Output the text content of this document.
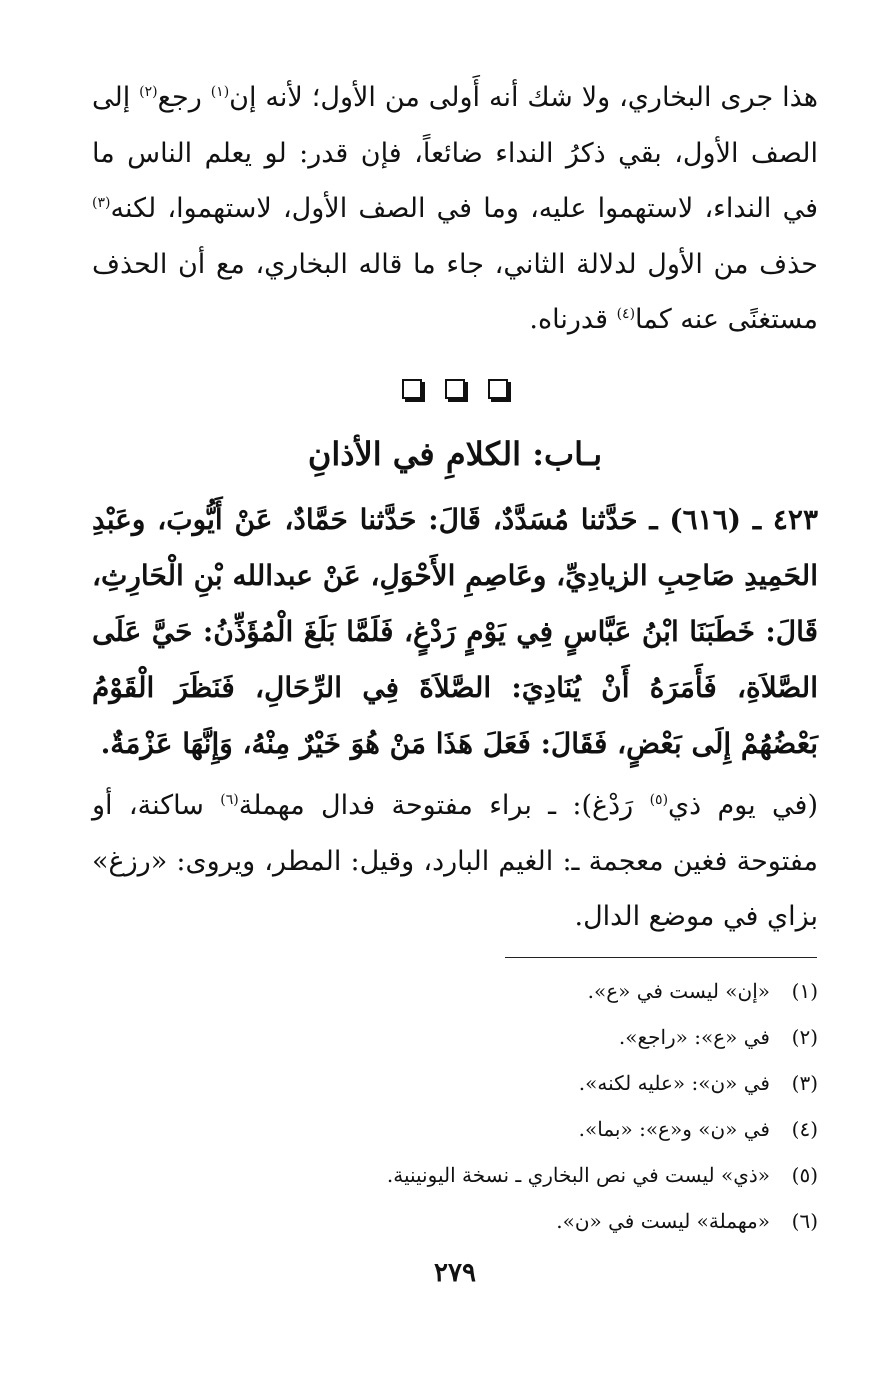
هذا جرى البخاري، ولا شك أنه أَولى من الأول؛ لأنه إن$^{(١)}$ رجع$^{(٢)}$ إلى الصف الأول، بقي ذكرُ النداء ضائعاً، فإن قدر: لو يعلم الناس ما في النداء، لاستهموا عليه، وما في الصف الأول، لاستهموا، لكنه$^{(٣)}$ حذف من الأول لدلالة الثاني، جاء ما قاله البخاري، مع أن الحذف مستغنًى عنه كما$^{(٤)}$ قدرناه.

بـاب: الكلامِ في الأذانِ

٤٢٣ ـ (٦١٦) ـ حَدَّثنا مُسَدَّدٌ، قَالَ: حَدَّثنا حَمَّادٌ، عَنْ أَيُّوبَ، وعَبْدِ الحَمِيدِ صَاحِبِ الزيادِيِّ، وعَاصِمِ الأَحْوَلِ، عَنْ عبدالله بْنِ الْحَارِثِ، قَالَ: خَطَبَنَا ابْنُ عَبَّاسٍ فِي يَوْمٍ رَدْغٍ، فَلَمَّا بَلَغَ الْمُؤَذِّنُ: حَيَّ عَلَى الصَّلاَةِ، فَأَمَرَهُ أَنْ يُنَادِيَ: الصَّلاَةَ فِي الرِّحَالِ، فَنَظَرَ الْقَوْمُ بَعْضُهُمْ إِلَى بَعْضٍ، فَقَالَ: فَعَلَ هَذَا مَنْ هُوَ خَيْرٌ مِنْهُ، وَإِنَّهَا عَزْمَةٌ.

(في يوم ذي$^{(٥)}$ رَدْغ): ـ براء مفتوحة فدال مهملة$^{(٦)}$ ساكنة، أو مفتوحة فغين معجمة ـ: الغيم البارد، وقيل: المطر، ويروى: «رزغ» بزاي في موضع الدال.

(١)
«إن» ليست في «ع».
(٢)
في «ع»: «راجع».
(٣)
في «ن»: «عليه لكنه».
(٤)
في «ن» و«ع»: «بما».
(٥)
«ذي» ليست في نص البخاري ـ نسخة اليونينية.
(٦)
«مهملة» ليست في «ن».
٢٧٩
